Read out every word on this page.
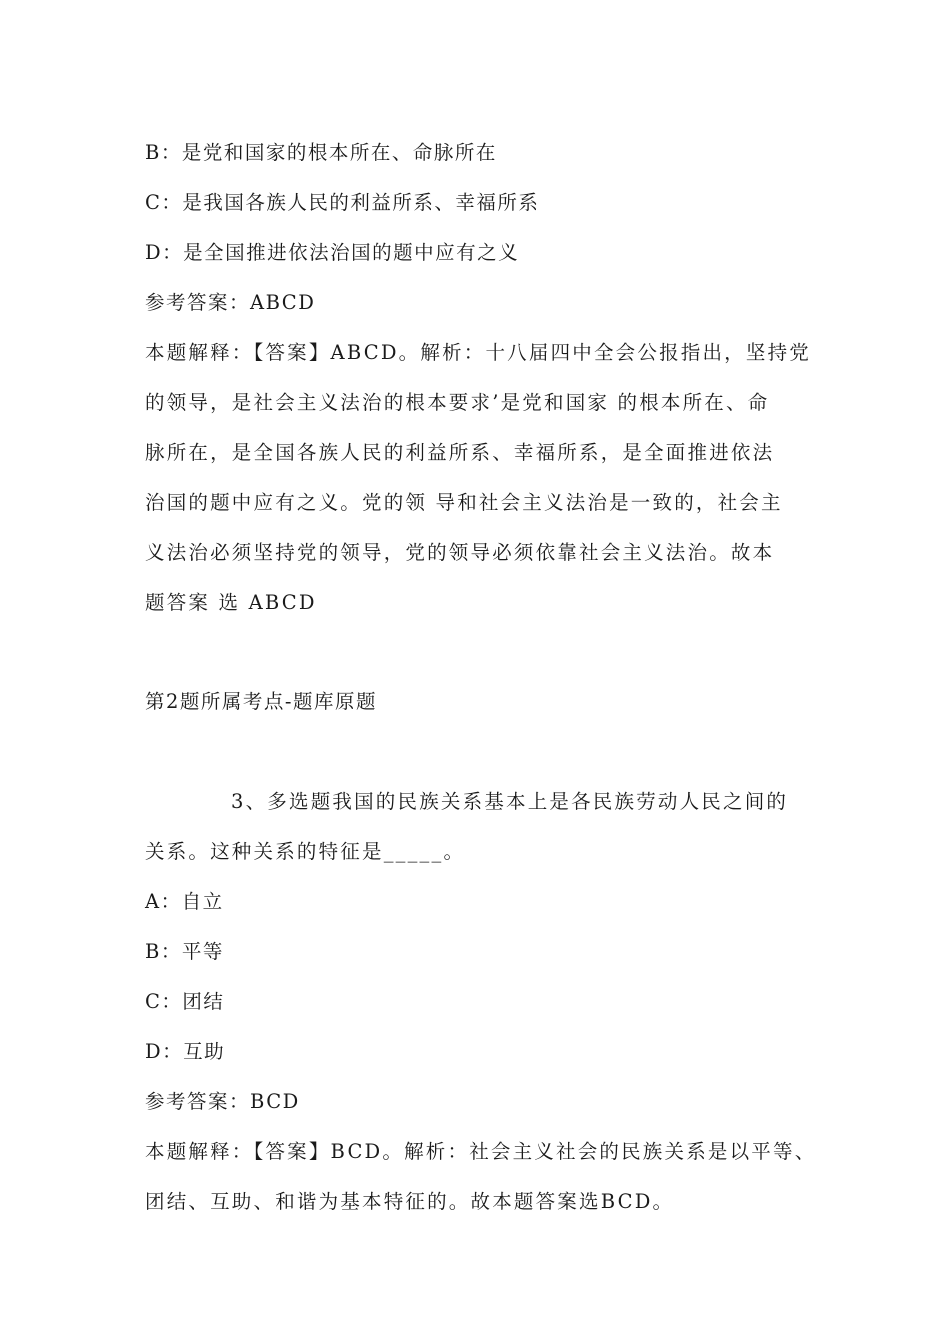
B：是党和国家的根本所在、命脉所在
C：是我国各族人民的利益所系、幸福所系
D：是全国推进依法治国的题中应有之义
参考答案：ABCD
本题解释：【答案】ABCD。解析：十八届四中全会公报指出，坚持党
的领导，是社会主义法治的根本要求’是党和国家 的根本所在、命
脉所在，是全国各族人民的利益所系、幸福所系，是全面推进依法
治国的题中应有之义。党的领 导和社会主义法治是一致的，社会主
义法治必须坚持党的领导，党的领导必须依靠社会主义法治。故本
题答案 选 ABCD
第2题所属考点-题库原题
3、多选题我国的民族关系基本上是各民族劳动人民之间的
关系。这种关系的特征是_____。
A：自立
B：平等
C：团结
D：互助
参考答案：BCD
本题解释：【答案】BCD。解析：社会主义社会的民族关系是以平等、
团结、互助、和谐为基本特征的。故本题答案选BCD。
